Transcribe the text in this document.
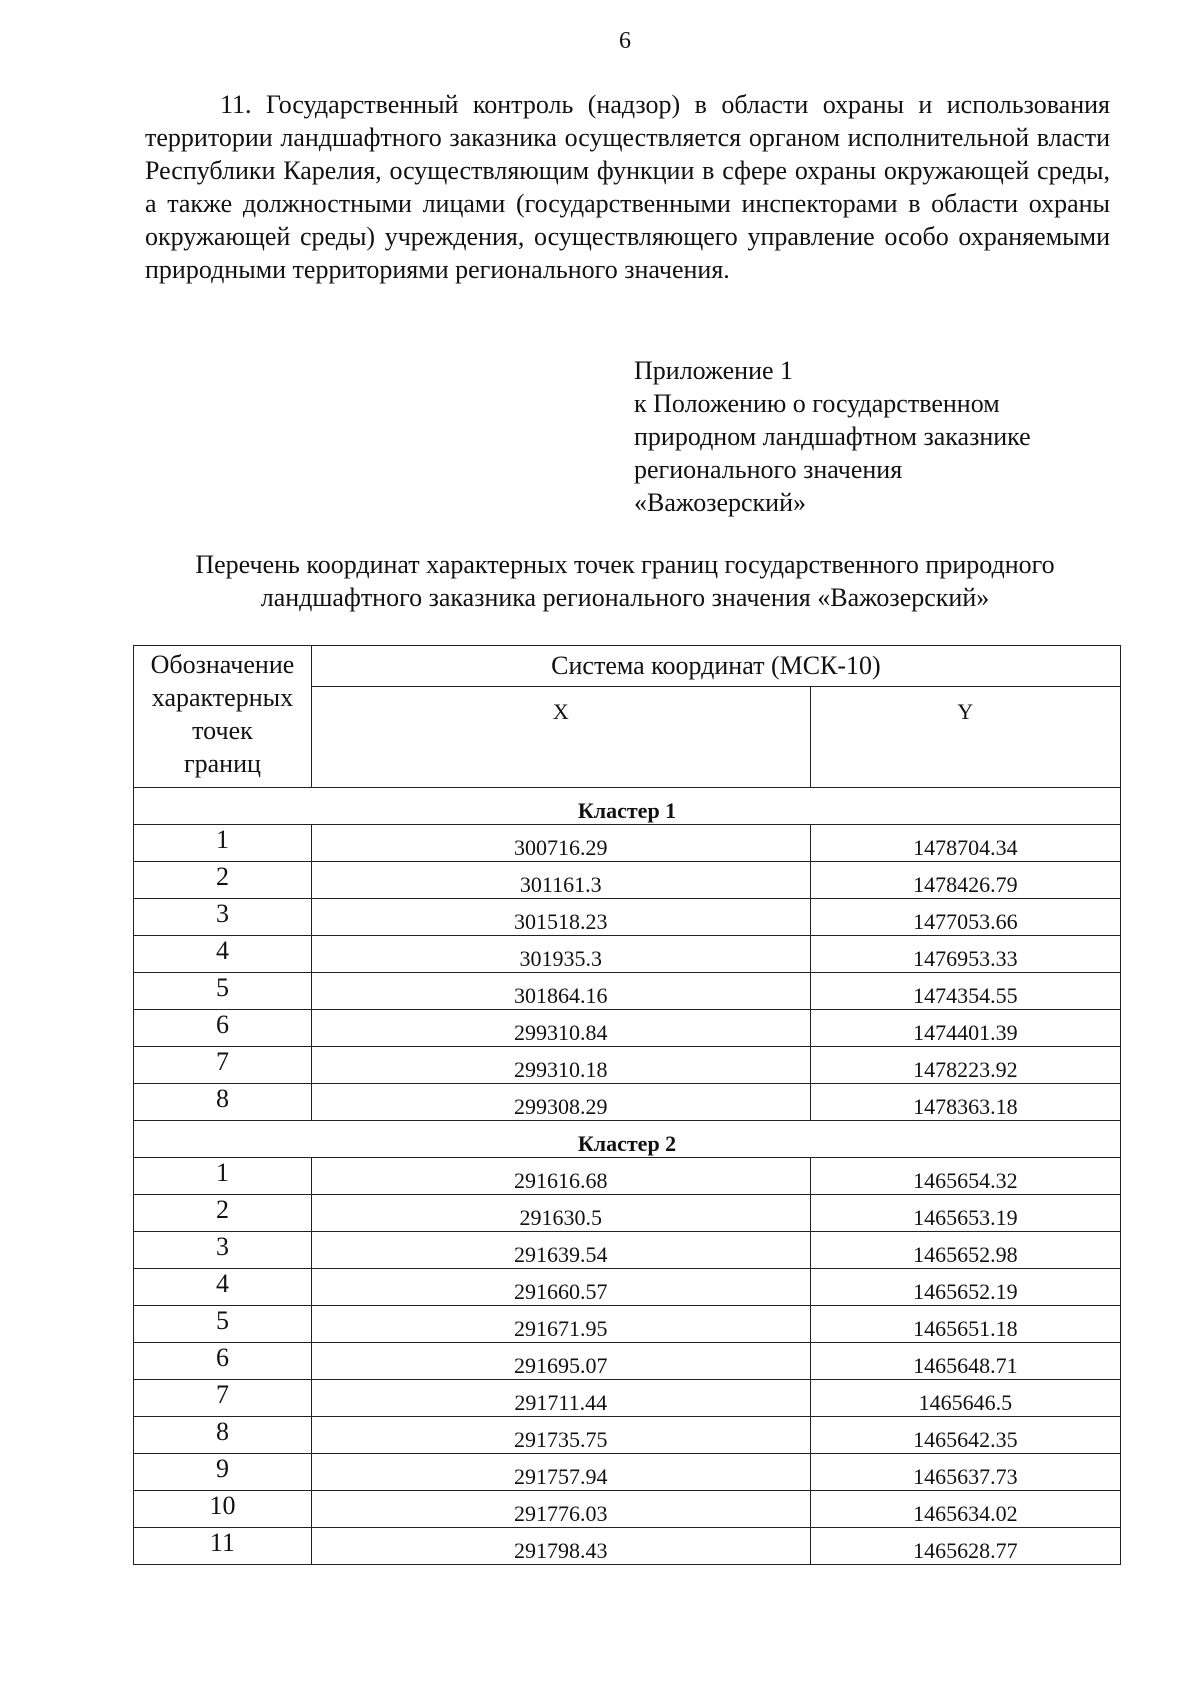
6

11. Государственный контроль (надзор) в области охраны и использования территории ландшафтного заказника осуществляется органом исполнительной власти Республики Карелия, осуществляющим функции в сфере охраны окружающей среды, а также должностными лицами (государственными инспекторами в области охраны окружающей среды) учреждения, осуществляющего управление особо охраняемыми природными территориями регионального значения.

Приложение 1
к Положению о государственном
природном ландшафтном заказнике
регионального значения
«Важозерский»
Перечень координат характерных точек границ государственного природного
ландшафтного заказника регионального значения «Важозерский»
Обозначение
характерных
точек
границ	Система координат (МСК-10)	
	X	Y
Кластер 1		
1	300716.29	1478704.34
2	301161.3	1478426.79
3	301518.23	1477053.66
4	301935.3	1476953.33
5	301864.16	1474354.55
6	299310.84	1474401.39
7	299310.18	1478223.92
8	299308.29	1478363.18
Кластер 2		
1	291616.68	1465654.32
2	291630.5	1465653.19
3	291639.54	1465652.98
4	291660.57	1465652.19
5	291671.95	1465651.18
6	291695.07	1465648.71
7	291711.44	1465646.5
8	291735.75	1465642.35
9	291757.94	1465637.73
10	291776.03	1465634.02
11	291798.43	1465628.77
